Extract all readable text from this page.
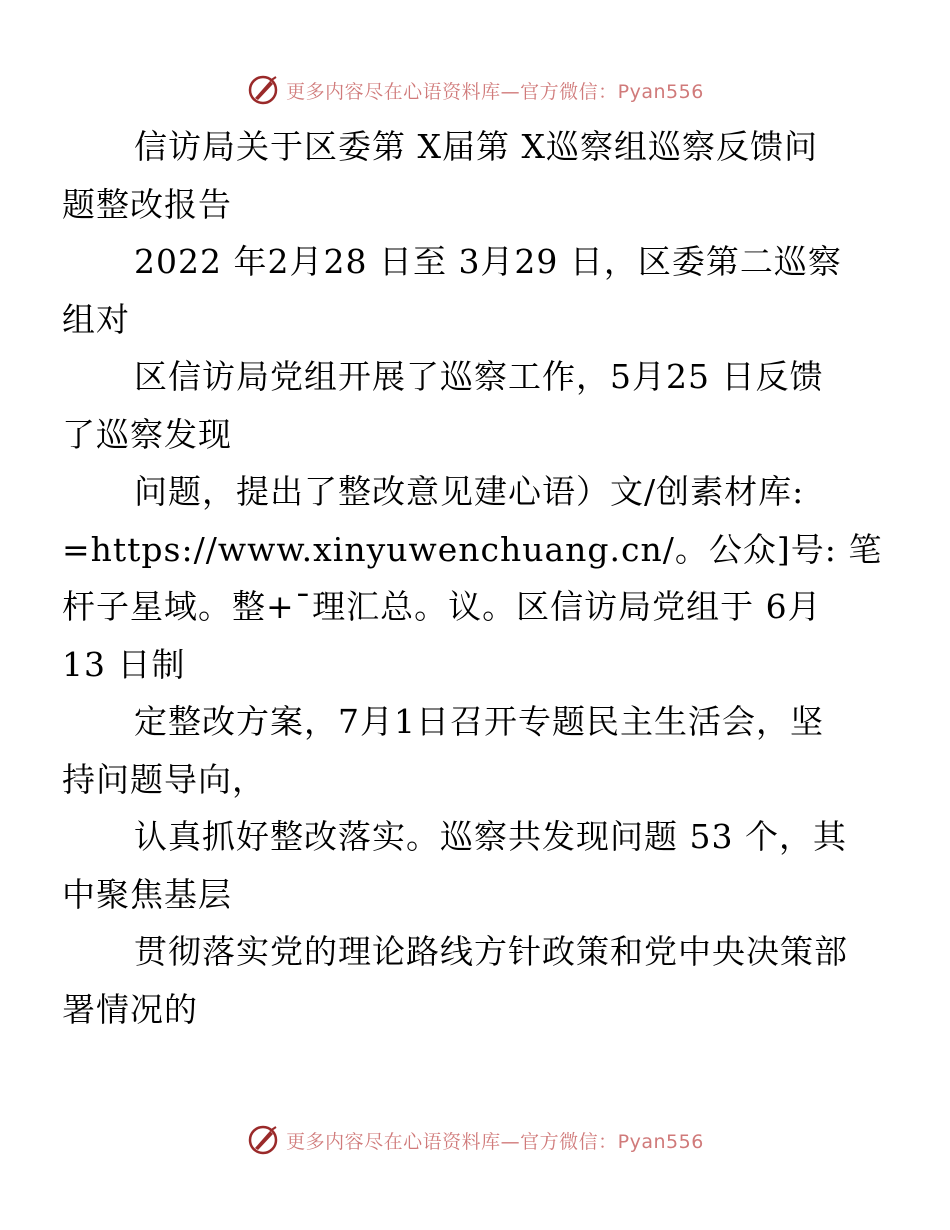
更多内容尽在心语资料库—官方微信：Pyan556

信访局关于区委第 X届第 X巡察组巡察反馈问
题整改报告

2022 年2月28 日至 3月29 日，区委第二巡察
组对

区信访局党组开展了巡察工作，5月25 日反馈
了巡察发现

问题，提出了整改意见建心语）文/创素材库:
=https://www.xinyuwenchuang.cn/。公众]号: 笔
杆子星域。整+¯理汇总。议。区信访局党组于 6月
13 日制

定整改方案，7月1日召开专题民主生活会，坚
持问题导向，

认真抓好整改落实。巡察共发现问题 53 个，其
中聚焦基层

贯彻落实党的理论路线方针政策和党中央决策部
署情况的

更多内容尽在心语资料库—官方微信：Pyan556
